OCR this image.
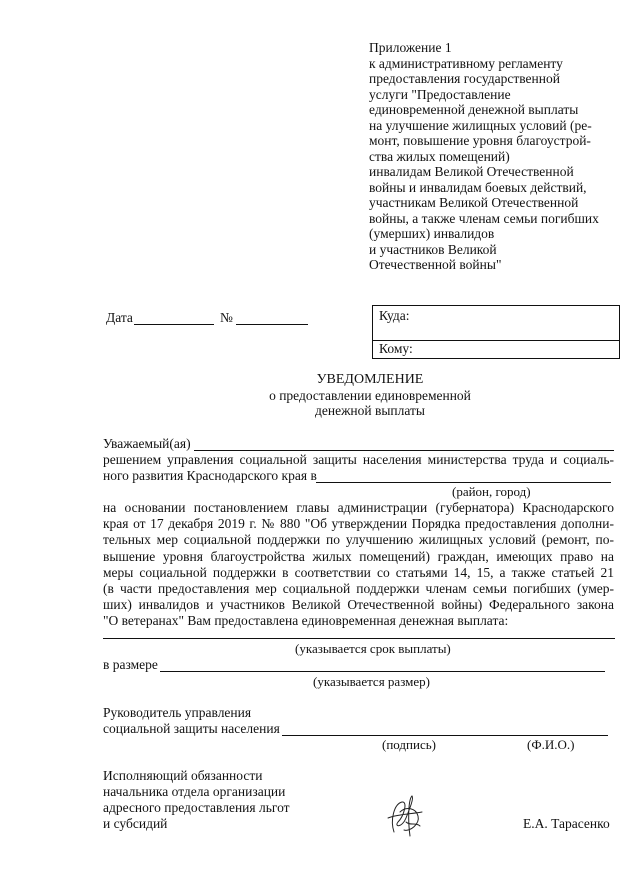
Приложение 1
к административному регламенту
предоставления государственной
услуги "Предоставление
единовременной денежной выплаты
на улучшение жилищных условий (ре-
монт, повышение уровня благоустрой-
ства жилых помещений)
инвалидам Великой Отечественной
войны и инвалидам боевых действий,
участникам Великой Отечественной
войны, а также членам семьи погибших
(умерших) инвалидов
и участников Великой
Отечественной войны"
Дата	№	Куда:
Кому:
УВЕДОМЛЕНИЕ
о предоставлении единовременной
денежной выплаты
Уважаемый(ая)
решением управления социальной защиты населения министерства труда и социаль-
ного развития Краснодарского края в
(район, город)
на основании постановлением главы администрации (губернатора) Краснодарского
края от 17 декабря 2019 г. № 880 "Об утверждении Порядка предоставления дополни-
тельных мер социальной поддержки по улучшению жилищных условий (ремонт, по-
вышение уровня благоустройства жилых помещений) граждан, имеющих право на
меры социальной поддержки в соответствии со статьями 14, 15, а также статьей 21
(в части предоставления мер социальной поддержки членам семьи погибших (умер-
ших) инвалидов и участников Великой Отечественной войны) Федерального закона
"О ветеранах" Вам предоставлена единовременная денежная выплата:
(указывается срок выплаты)
в размере
(указывается размер)
Руководитель управления
социальной защиты населения
(подпись)	(Ф.И.О.)
Исполняющий обязанности
начальника отдела организации
адресного предоставления льгот
и субсидий	Е.А. Тарасенко
